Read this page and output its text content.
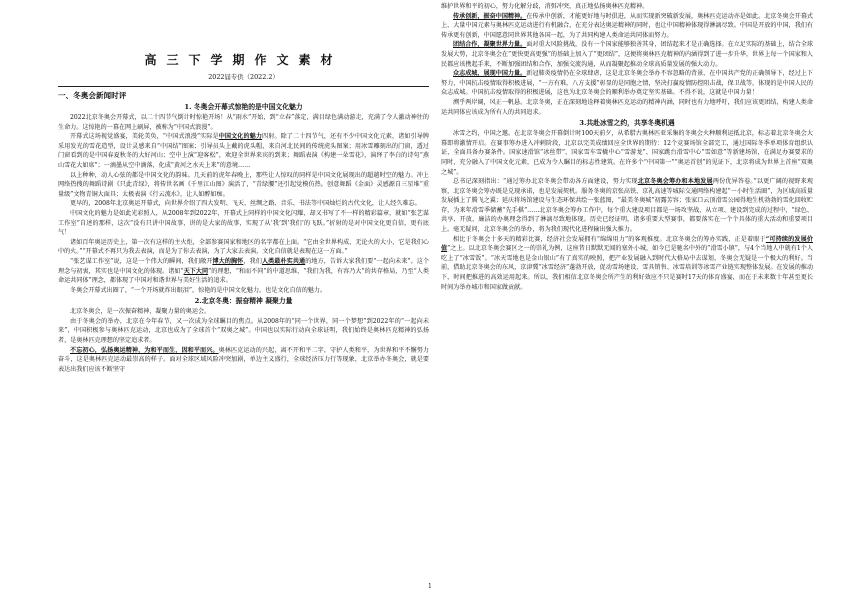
高三下学期作文素材
2022届专供（2022.2）
一、冬奥会新闻时评
1. 冬奥会开幕式惊艳的是中国文化魅力

2022北京冬奥会开幕式，以二十四节气倒计时惊艳开场！从“雨水”开始，到“立春”落定，满目绿色满动游走，充满了令人激动神往的生命力。这惊艳的一幕在网上刷屏，被称为“中国式浪漫”。

开幕式这场视觉盛宴，美轮美奂，“中国式浪漫”实际是中国文化的魅力四射。除了二十四节气，还有不少中国文化元素，诸如引导牌采用发光的雪花造型，设计灵感来自“中国结”图案；引导员头上戴的虎头帽，来自河北民间的传统虎头图案；用冰雪雕刻出的门窗，透过门窗看到的是中国春夏秋冬的大好河山；空中上演“迎客松”，欢迎全世界来宾的到来；舞蹈表演《构建一朵雪花》，演绎了李白的诗句“燕山雪花大如席”；一滴墨从空中滴落，化成“黄河之水天上来”的意境……

以上种种，动人心弦的都是中国文化的韵味。几天前的虎年春晚上，那些让人惊叹的同样是中国文化展现出的超越时空的魅力。冲上网络热搜的舞蹈诗剧《只此青绿》，将传世名画《千里江山图》演活了，“青绿腰”还引起觉模仿热。创意舞蹈《金面》灵感源自三星堆“重量级”文物青铜大面具；太极表演《行云流水》，让人如醉如痴。

更早的，2008年北京奥运开幕式，向世界介绍了四大发明、飞天、丝绸之路、音乐、书法等中国灿烂的古代文化，让人经久难忘。

中国文化的魅力是如此光彩照人，从2008年到2022年，开幕式上同样的中国文化闪耀，却又书写了不一样的精彩篇章，就如“张艺谋工作室”自述的那样，这次“没有只讲中国故事，讲的是大家的故事，实现了从‘我’到‘我们’的飞跃。”折射的是对中国文化更自信，更有底气！

诸如百年奥运历史上，第一次有这样的主火炬，全部参赛国家和地区的名字都在上面。“它由全世界构成，无论火的大小，它是我们心中的火。”“开幕式不再只为我去表演，而是为了你去表演，为了大家去表演，文化自信就是表现在这一方面。”

“张艺谋工作室”说，这是一个伟大的瞬间，我们敞开博大的胸怀，我们人类最朴实共通的地方，告诉大家我们要“一起向未来”。这个理念与初衷，其实也是中国文化的体现。诸如“天下大同”的理想，“和而不同”的中道思维，“我们为我，有容乃大”的共存格局，乃至“人类命运共同体”理念，都体现了中国对和谐世界与美好生活的追求。

冬奥会开幕式出圈了，“一个开场就炸出眼泪”，惊艳的是中国文化魅力，也是文化自信的魅力。

2.北京冬奥：振奋精神 凝聚力量

北京冬奥会，是一次振奋精神，凝聚力量的奥运会。

由于冬奥会的举办，北京在今年春节，又一次成为全球瞩目的焦点。从2008年的“同一个世界，同一个梦想”到2022年的“一起向未来”，中国积极参与奥林匹克运动，北京也成为了全球首个“双奥之城”。中国也以实际行动向全球证明，我们始终是奥林匹克精神的弘扬者，是奥林匹克理想的坚定追求者。

不忘初心，弘扬奥运精神，为和平而生，因和平而兴。奥林匹克运动的兴起，离不开和平二字，守护人类和平，为世界和平不懈努力奋斗，这是奥林匹克运动最崇高的样子。面对全球区域风险冲突加剧，单边主义盛行，全球经济压力行等现象，北京举办冬奥会，就是要表达出我们应该不断坚守

维护世界和平的初心，努力化解分歧，消弭冲突，真正地弘扬奥林匹克精神。

传承创新，振奋中国精神。在传承中创新，才能更好地与时俱进，从而实现新突破新发展，奥林匹克运动亦是如此。北京冬奥会开幕式上，大量中国元素与奥林匹克运动进行有机融合，在充分表达奥运精神的同时，也让中国精神体现得淋漓尽致。中国是开放的中国，我们有传承更有创新，中国愿意同世界其他各国一起，为了共同构建人类命运共同体而努力。

团结合作，凝聚世界力量。面对重大风险挑战，没有一个国家能够独善其身，团结起来才是正确选择。在立足实际的基础上，结合全球发展大势，北京冬奥会在“更快更高更强”的基础上加入了“更团结”，这便将奥林匹克精神的内涵得到了进一步升华，世界上每一个国家和人民都应该携起手来，不断加强团结和合作，加强交流沟通，从而凝聚起推动全球高质量发展的强大动力。

众志成城，展现中国力量。新冠肺炎疫情仍在全球肆虐，这是北京冬奥会举办不容忽略的背景，在中国共产党的正确领导下，经过上下努力，中国抗击疫情取得积极进展，“一方有难，八方支援”彰显的是同胞之情，坚决打赢疫情防控阻击战，保卫战等，体现的是中国人民的众志成城。中国抗击疫情取得的积极进展，这也为北京冬奥会的顺利举办奠定坚实基础。不得不说，这就是中国力量！

溯乎两岸阔，风正一帆悬。北京冬奥，正在深刻地诠释着奥林匹克运动的精神内涵，同时也有力地呼吁，我们应该更团结，构建人类命运共同体应该成为所有人的共同追求。

3.共赴冰雪之约，共享冬奥机遇

冰雪之约，中国之邀。在北京冬奥会开幕倒计时100天前夕，从希腊古奥林匹亚采集的冬奥会火种顺利运抵北京，标志着北京冬奥会大幕即将激情开启。在赛事筹办进入冲刺阶段，北京以完美成绩回应全世界的期待：12个竞赛场馆全部完工，通过国际冬季单项体育组织认证，全面具备办赛条件。国家速滑馆“冰丝带”、国家雪车雪橇中心“雪游龙”、国家跳台滑雪中心“雪如意”等新建场馆，在满足办赛要求的同时，充分融入了中国文化元素，已成为令人瞩目的标志性建筑。在许多个“中国第一”“奥运首创”的见证下，北京将成为世界上首座“双奥之城”。

总书记深刻指出：“通过筹办北京冬奥会带动各方面建设，努力实现北京冬奥会筹办和本地发展两份优异答卷。”以更广阔的视野来观察，北京冬奥会筹办既是兑现承诺，也是发展契机。服务冬奥的京张高铁、京礼高速等城际交通网络构建起“一小时生活圈”，为区域高质量发展插上了腾飞之翼；延庆将场馆建设与生态环保共绘一张蓝图，“最美冬奥城”初露芳容；张家口云顶滑雪公园得地生机勃勃的雪化回收贮存，为来年滑雪季储蓄“先手棋”……北京冬奥会筹办工作中，每个重大建设项目都是一场攻坚战，从立项、建设到完成的过程中，“绿色、共享、开放、廉洁的办奥理念得到了淋漓尽致地体现。历史已经证明，诸多重要大型赛事，都要落实在一个个具体的重大活动和重要项目上。毫无疑问，北京冬奥会的举办，将为我们现代化进程输出强大推力。

相比于冬奥会十多天的精彩比赛，经济社会发展拥有“绵绵用力”的客观推度。北京冬奥会的筹办实践，正是着眼于“可持续的发展价值”之上。以北京冬奥会赛区之一的崇礼为例，这座昔日默默无闻的塞外小城，如今已是驰名中外的“滑雪小镇”，与4个当地人中就有1个人吃上了“冰雪饭”。“冰天雪地也是金山银山”有了真实的映照，把产业发展融入到时代大格局中去谋划，冬奥会无疑是一个极大的利好。当前，借助北京冬奥会的东风，京津冀“冰雪经济”蓬勃开放，促动雪场建设、雪具销售、冰雪培训等冰雪产业链实现整体发展。在发展的推动下，时间把推进的高效运用起来。所以，我们相信北京冬奥会所产生的利好效应不只是赛时17天的体育盛宴，而在于未来数十年甚至更长时间为举办城市和国家做贡献。

1
